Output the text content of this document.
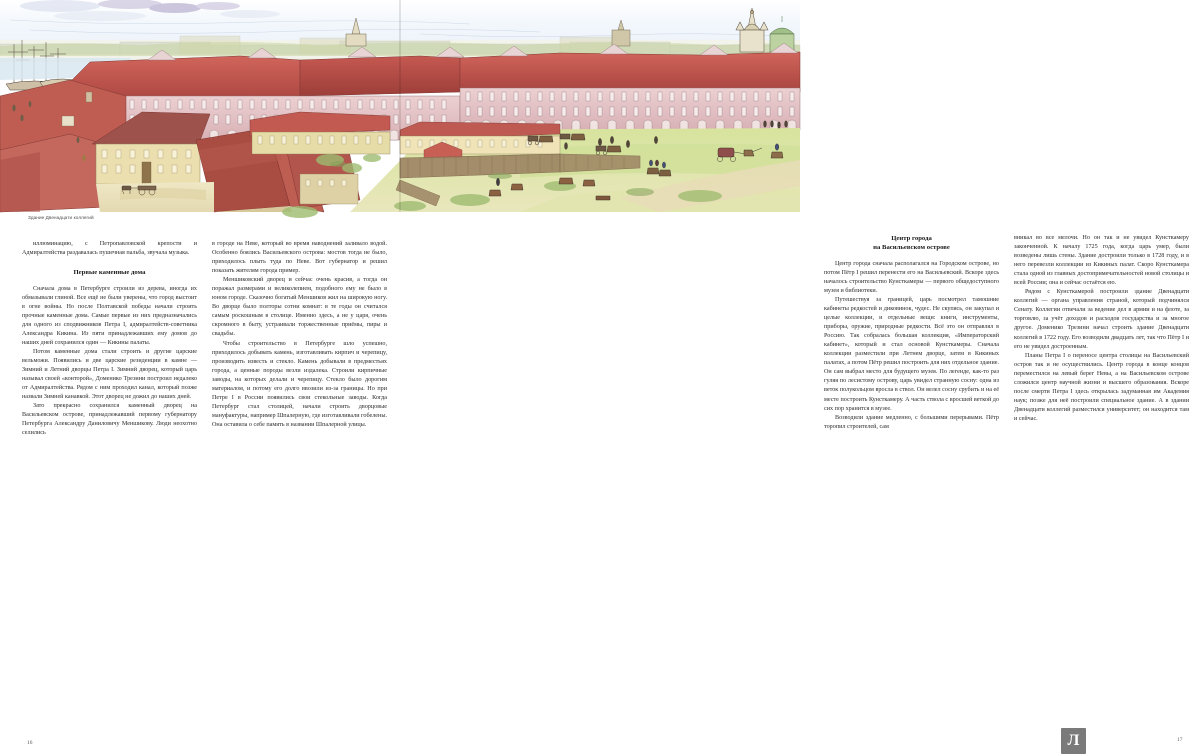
Здание Двенадцати коллегий

иллюминацию, с Петропавловской крепости и Адмиралтейства раздавалась пушечная пальба, звучала музыка.

Первые каменные дома

Сначала дома в Петербурге строили из дерева, иногда их обмазывали глиной. Все ещё не были уверены, что город выстоит в огне войны. Но после Полтавской победы начали строить прочные каменные дома. Самые первые из них предназначались для одного из сподвижников Петра I, адмиралтейств-советника Александра Кикина. Из пяти принадлежавших ему домов до наших дней сохранился один — Кикины палаты.

Потом каменные дома стали строить и другие царские вельможи. Появились и две царские резиденции в камне — Зимний и Летний дворцы Петра I. Зимний дворец, который царь называл своей «конторой», Доменико Трезини построил недалеко от Адмиралтейства. Рядом с ним проходил канал, который позже назвали Зимней канавкой. Этот дворец не дожил до наших дней.

Зато прекрасно сохранился каменный дворец на Васильевском острове, принадлежавший первому губернатору Петербурга Александру Даниловичу Меншикову. Люди неохотно селились

в городе на Неве, который во время наводнений заливало водой. Особенно боялись Васильевского острова: мостов тогда не было, приходилось плыть туда по Неве. Вот губернатор и решил показать жителям города пример.

Меншиковский дворец и сейчас очень красив, а тогда он поражал размерами и великолепием, подобного ему не было в юном городе. Сказочно богатый Меншиков жил на широкую ногу. Во дворце было полторы сотни комнат: в те годы он считался самым роскошным в столице. Именно здесь, а не у царя, очень скромного в быту, устраивали торжественные приёмы, пиры и свадьбы.

Чтобы строительство в Петербурге шло успешно, приходилось добывать камень, изготавливать кирпич и черепицу, производить известь и стекло. Камень добывали в предместьях города, а ценные породы везли издалека. Строили кирпичные заводы, на которых делали и черепицу. Стекло было дорогим материалом, и потому его долго ввозили из-за границы. Но при Петре I в России появились свои стекольные заводы. Когда Петербург стал столицей, начали строить дворцовые мануфактуры, например Шпалерную, где изготавливали гобелены. Она оставила о себе память в названии Шпалерной улицы.

16
Центр города
на Васильевском острове

Центр города сначала располагался на Городском острове, но потом Пётр I решил перенести его на Васильевский. Вскоре здесь началось строительство Кунсткамеры — первого общедоступного музея и библиотеки.

Путешествуя за границей, царь посмотрел тамошние кабинеты редкостей и диковинок, чудес. Не скупясь, он закупал и целые коллекции, и отдельные вещи: книги, инструменты, приборы, оружие, природные редкости. Всё это он отправлял в Россию. Так собралась большая коллекция, «Императорский кабинет», который и стал основой Кунсткамеры. Сначала коллекции разместили при Летнем дворце, затем в Кикиных палатах, а потом Пётр решил построить для них отдельное здание. Он сам выбрал место для будущего музея. По легенде, как-то раз гуляя по лесистому острову, царь увидел странную сосну: одна из веток полукольцом вросла в ствол. Он велел сосну срубить и на её месте построить Кунсткамеру. А часть ствола с вросшей веткой до сих пор хранится в музее.

Возводили здание медленно, с большими перерывами. Пётр торопил строителей, сам

вникал во все мелочи. Но он так и не увидел Кунсткамеру законченной. К началу 1725 года, когда царь умер, были возведены лишь стены. Здание достроили только в 1728 году, и в него перевезли коллекции из Кикиных палат. Скоро Кунсткамера стала одной из главных достопримечательностей новой столицы и всей России; она и сейчас остаётся ею.

Рядом с Кунсткамерой построили здание Двенадцати коллегий — органа управления страной, который подчинялся Сенату. Коллегии отвечали за ведение дел в армии и на флоте, за торговлю, за учёт доходов и расходов государства и за многое другое. Доменико Трезини начал строить здание Двенадцати коллегий в 1722 году. Его возводили двадцать лет, так что Пётр I и его не увидел достроенным.

Планы Петра I о переносе центра столицы на Васильевский остров так и не осуществились. Центр города в конце концов переместился на левый берег Невы, а на Васильевском острове сложился центр научной жизни и высшего образования. Вскоре после смерти Петра I здесь открылась задуманная им Академия наук; позже для неё построили специальное здание. А в здании Двенадцати коллегий разместился университет; он находится там и сейчас.

Л	17
